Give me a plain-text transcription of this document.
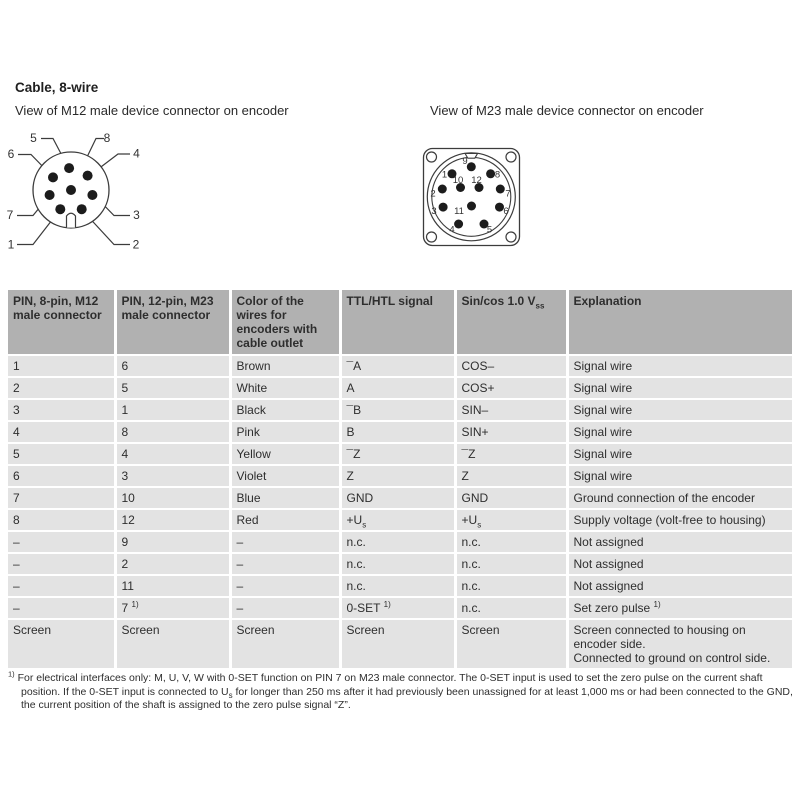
Cable, 8-wire
View of M12 male device connector on encoder	View of M23 male device connector on encoder
5	8
6	4
7	3
1	2
9
1	8
10 12
2	7
3 11	6
4	5
PIN, 8-pin, M12 male connector	PIN, 12-pin, M23 male connector	Color of the wires for encoders with cable outlet	TTL/HTL signal	Sin/cos 1.0 $V_{ss}$	Explanation
1	6	Brown	¯A	COS–	Signal wire
2	5	White	A	COS+	Signal wire
3	1	Black	¯B	SIN–	Signal wire
4	8	Pink	B	SIN+	Signal wire
5	4	Yellow	¯Z	¯Z	Signal wire
6	3	Violet	Z	Z	Signal wire
7	10	Blue	GND	GND	Ground connection of the encoder
8	12	Red	$+U_s$	$+U_s$	Supply voltage (volt-free to housing)
–	9	–	n.c.	n.c.	Not assigned
–	2	–	n.c.	n.c.	Not assigned
–	11	–	n.c.	n.c.	Not assigned
–	7 $^{1)}$	–	0-SET $^{1)}$	n.c.	Set zero pulse $^{1)}$
Screen	Screen	Screen	Screen	Screen	Screen connected to housing on encoder side.
Connected to ground on control side.
$^{1)}$ For electrical interfaces only: M, U, V, W with 0-SET function on PIN 7 on M23 male connector. The 0-SET input is used to set the zero pulse on the current shaft position. If the 0-SET input is connected to $U_s$ for longer than 250 ms after it had previously been unassigned for at least 1,000 ms or had been connected to the GND, the current position of the shaft is assigned to the zero pulse signal “Z”.
